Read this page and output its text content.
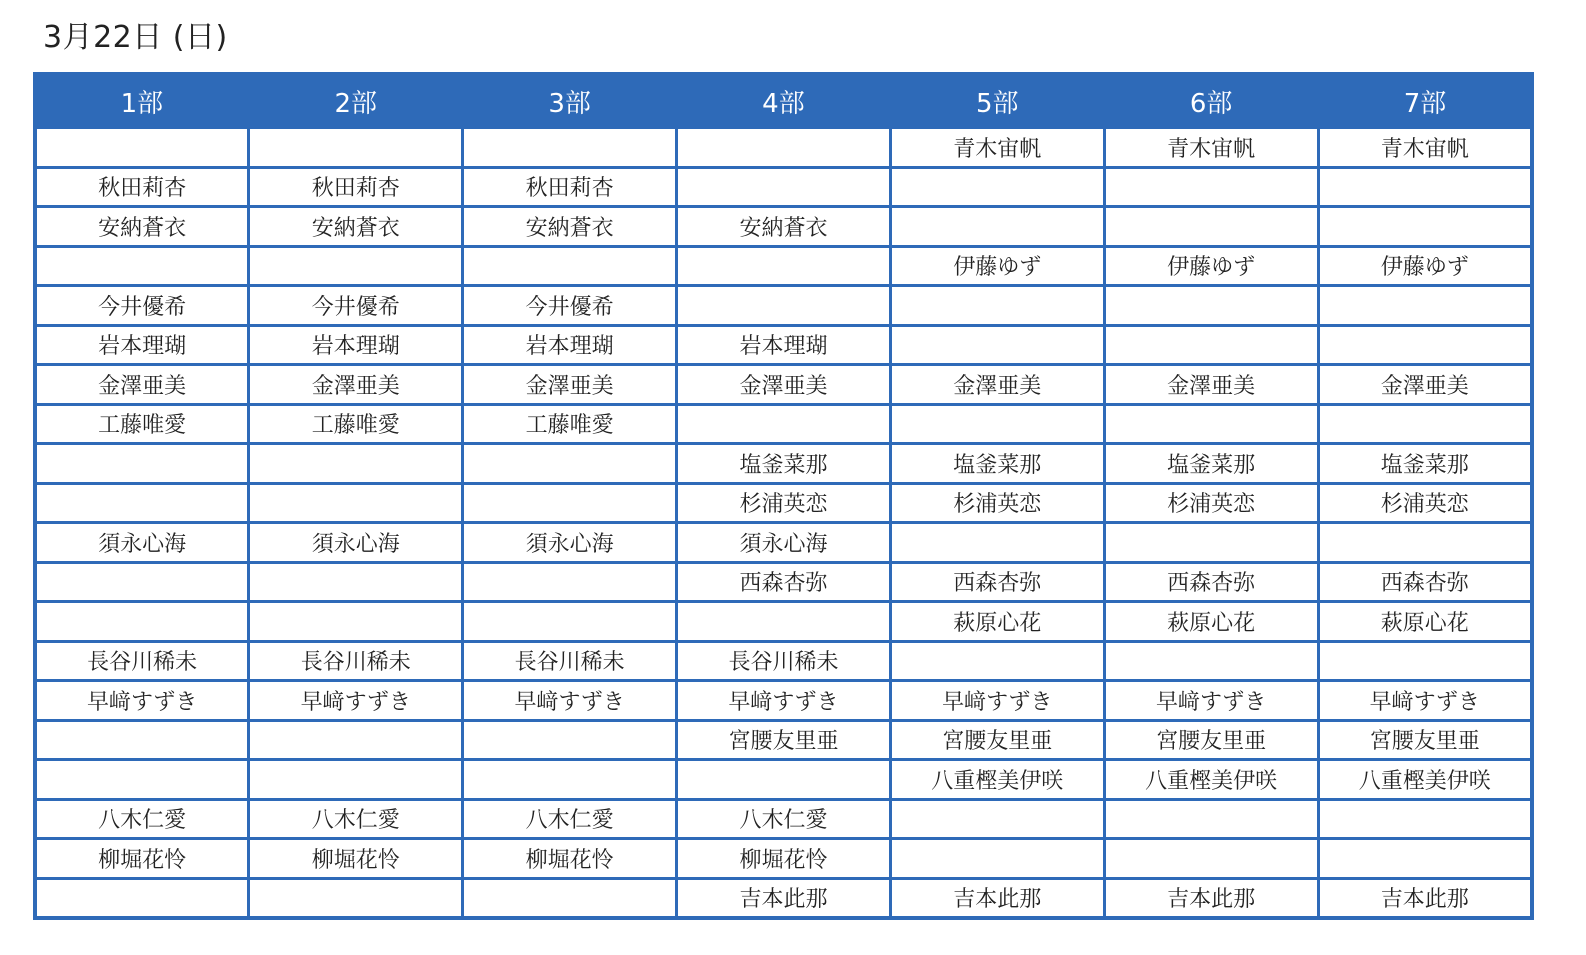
3月22日 (日)
1部	2部	3部	4部	5部	6部	7部
				青木宙帆	青木宙帆	青木宙帆
秋田莉杏	秋田莉杏	秋田莉杏				
安納蒼衣	安納蒼衣	安納蒼衣	安納蒼衣			
				伊藤ゆず	伊藤ゆず	伊藤ゆず
今井優希	今井優希	今井優希				
岩本理瑚	岩本理瑚	岩本理瑚	岩本理瑚			
金澤亜美	金澤亜美	金澤亜美	金澤亜美	金澤亜美	金澤亜美	金澤亜美
工藤唯愛	工藤唯愛	工藤唯愛				
			塩釜菜那	塩釜菜那	塩釜菜那	塩釜菜那
			杉浦英恋	杉浦英恋	杉浦英恋	杉浦英恋
須永心海	須永心海	須永心海	須永心海			
			西森杏弥	西森杏弥	西森杏弥	西森杏弥
				萩原心花	萩原心花	萩原心花
長谷川稀未	長谷川稀未	長谷川稀未	長谷川稀未			
早﨑すずき	早﨑すずき	早﨑すずき	早﨑すずき	早﨑すずき	早﨑すずき	早﨑すずき
			宮腰友里亜	宮腰友里亜	宮腰友里亜	宮腰友里亜
				八重樫美伊咲	八重樫美伊咲	八重樫美伊咲
八木仁愛	八木仁愛	八木仁愛	八木仁愛			
柳堀花怜	柳堀花怜	柳堀花怜	柳堀花怜			
			吉本此那	吉本此那	吉本此那	吉本此那
